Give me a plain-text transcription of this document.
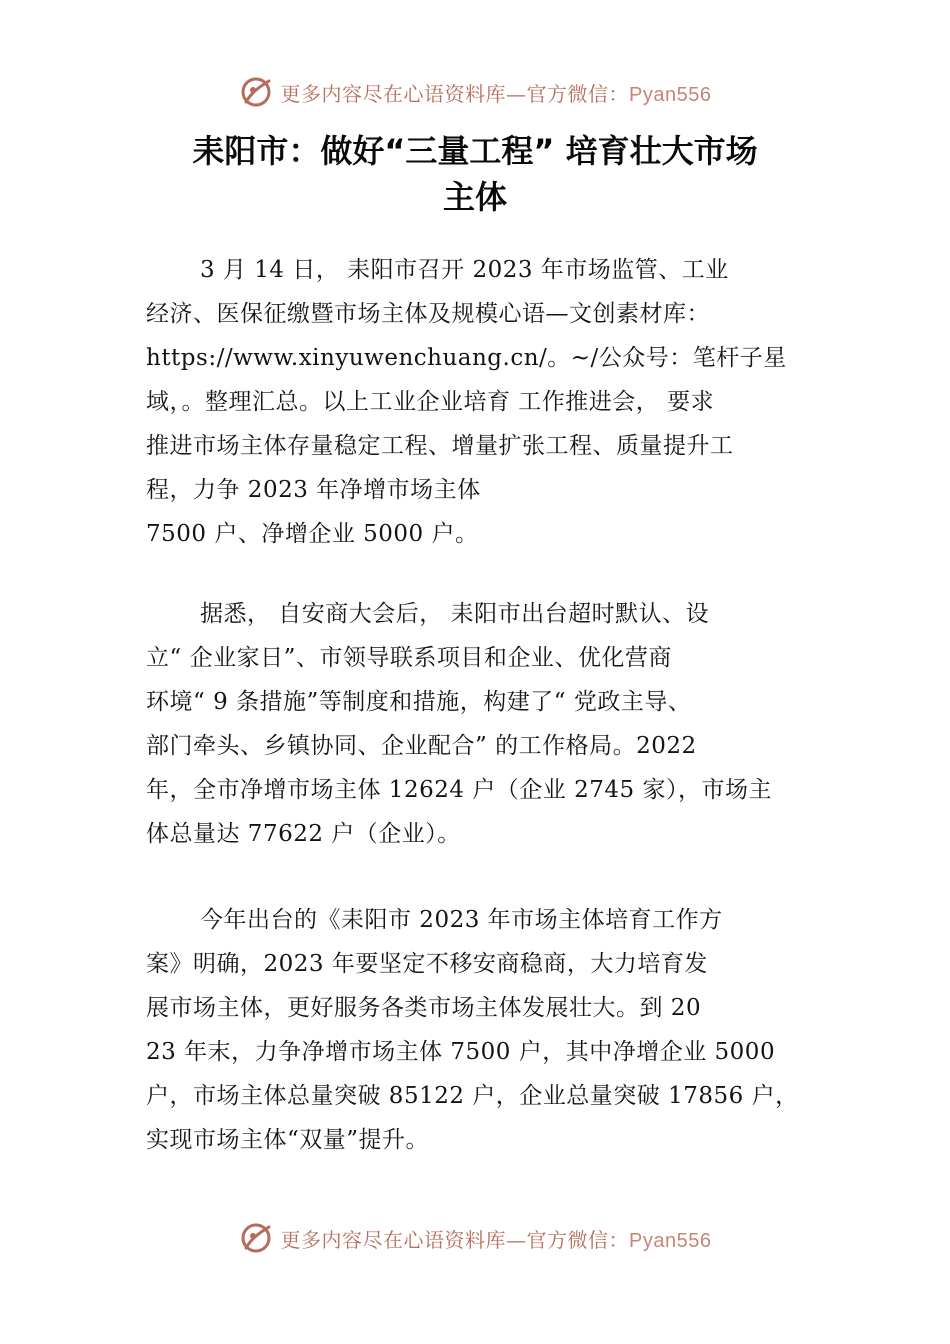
更多内容尽在心语资料库—官方微信：Pyan556
耒阳市：做好“三量工程” 培育壮大市场
主体
3 月 14 日， 耒阳市召开 2023 年市场监管、工业
经济、医保征缴暨市场主体及规模心语—文创素材库：
https://www.xinyuwenchuang.cn/。~/公众号：笔杆子星
域，。整理汇总。以上工业企业培育 工作推进会， 要求
推进市场主体存量稳定工程、增量扩张工程、质量提升工
程，力争 2023 年净增市场主体
7500 户、净增企业 5000 户。
据悉， 自安商大会后， 耒阳市出台超时默认、设
立“ 企业家日”、市领导联系项目和企业、优化营商
环境“ 9 条措施”等制度和措施，构建了“ 党政主导、
部门牵头、乡镇协同、企业配合” 的工作格局。2022
年，全市净增市场主体 12624 户（企业 2745 家），市场主
体总量达 77622 户（企业）。
今年出台的《耒阳市 2023 年市场主体培育工作方
案》明确，2023 年要坚定不移安商稳商，大力培育发
展市场主体，更好服务各类市场主体发展壮大。到 20
23 年末，力争净增市场主体 7500 户，其中净增企业 5000
户，市场主体总量突破 85122 户，企业总量突破 17856 户，
实现市场主体“双量”提升。
更多内容尽在心语资料库—官方微信：Pyan556
